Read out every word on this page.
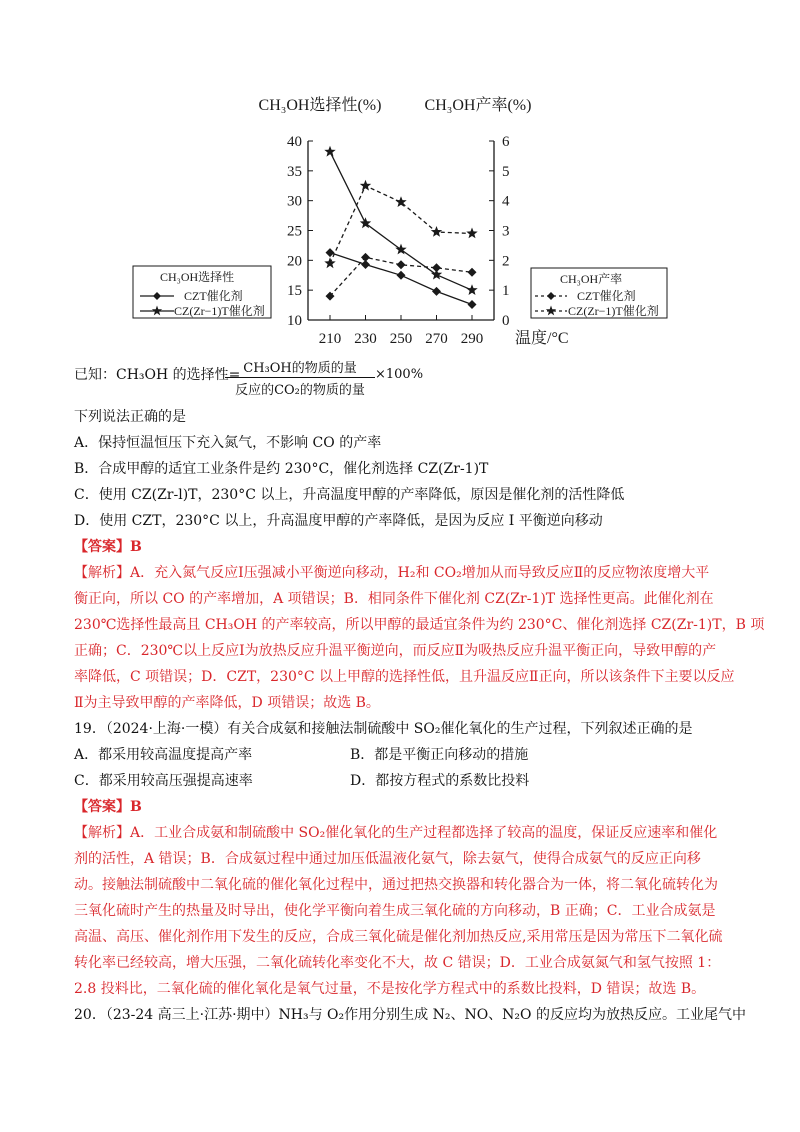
CH₃OH选择性(%)	CH₃OH产率(%)
10
15
20
25
30
35
40
0
1
2
3
4
5
6
210 230 250 270 290 温度/°C
CH₃OH选择性
CZT催化剂
CZ(Zr−1)T催化剂
CH₃OH产率
CZT催化剂
CZ(Zr−1)T催化剂
已知：CH₃OH 的选择性= CH₃OH的物质的量
反应的CO₂的物质的量
×100%
下列说法正确的是
A．保持恒温恒压下充入氮气，不影响 CO 的产率
B．合成甲醇的适宜工业条件是约 230°C，催化剂选择 CZ(Zr-1)T
C．使用 CZ(Zr-l)T，230°C 以上，升高温度甲醇的产率降低，原因是催化剂的活性降低
D．使用 CZT，230°C 以上，升高温度甲醇的产率降低，是因为反应 Ⅰ 平衡逆向移动
【答案】B
【解析】A．充入氮气反应Ⅰ压强减小平衡逆向移动，H₂和 CO₂增加从而导致反应Ⅱ的反应物浓度增大平
衡正向，所以 CO 的产率增加，A 项错误；B．相同条件下催化剂 CZ(Zr-1)T 选择性更高。此催化剂在
230℃选择性最高且 CH₃OH 的产率较高，所以甲醇的最适宜条件为约 230°C、催化剂选择 CZ(Zr-1)T，B 项
正确；C．230℃以上反应Ⅰ为放热反应升温平衡逆向，而反应Ⅱ为吸热反应升温平衡正向，导致甲醇的产
率降低，C 项错误；D．CZT，230°C 以上甲醇的选择性低，且升温反应Ⅱ正向，所以该条件下主要以反应
Ⅱ为主导致甲醇的产率降低，D 项错误；故选 B。
19．（2024·上海·一模）有关合成氨和接触法制硫酸中 SO₂催化氧化的生产过程，下列叙述正确的是
A．都采用较高温度提高产率	B．都是平衡正向移动的措施
C．都采用较高压强提高速率	D．都按方程式的系数比投料
【答案】B
【解析】A．工业合成氨和制硫酸中 SO₂催化氧化的生产过程都选择了较高的温度，保证反应速率和催化
剂的活性，A 错误；B．合成氨过程中通过加压低温液化氨气，除去氨气，使得合成氨气的反应正向移
动。接触法制硫酸中二氧化硫的催化氧化过程中，通过把热交换器和转化器合为一体，将二氧化硫转化为
三氧化硫时产生的热量及时导出，使化学平衡向着生成三氧化硫的方向移动，B 正确；C．工业合成氨是
高温、高压、催化剂作用下发生的反应，合成三氧化硫是催化剂加热反应,采用常压是因为常压下二氧化硫
转化率已经较高，增大压强，二氧化硫转化率变化不大，故 C 错误；D．工业合成氨氮气和氢气按照 1：
2.8 投料比，二氧化硫的催化氧化是氧气过量，不是按化学方程式中的系数比投料，D 错误；故选 B。
20．（23-24 高三上·江苏·期中）NH₃与 O₂作用分别生成 N₂、NO、N₂O 的反应均为放热反应。工业尾气中
